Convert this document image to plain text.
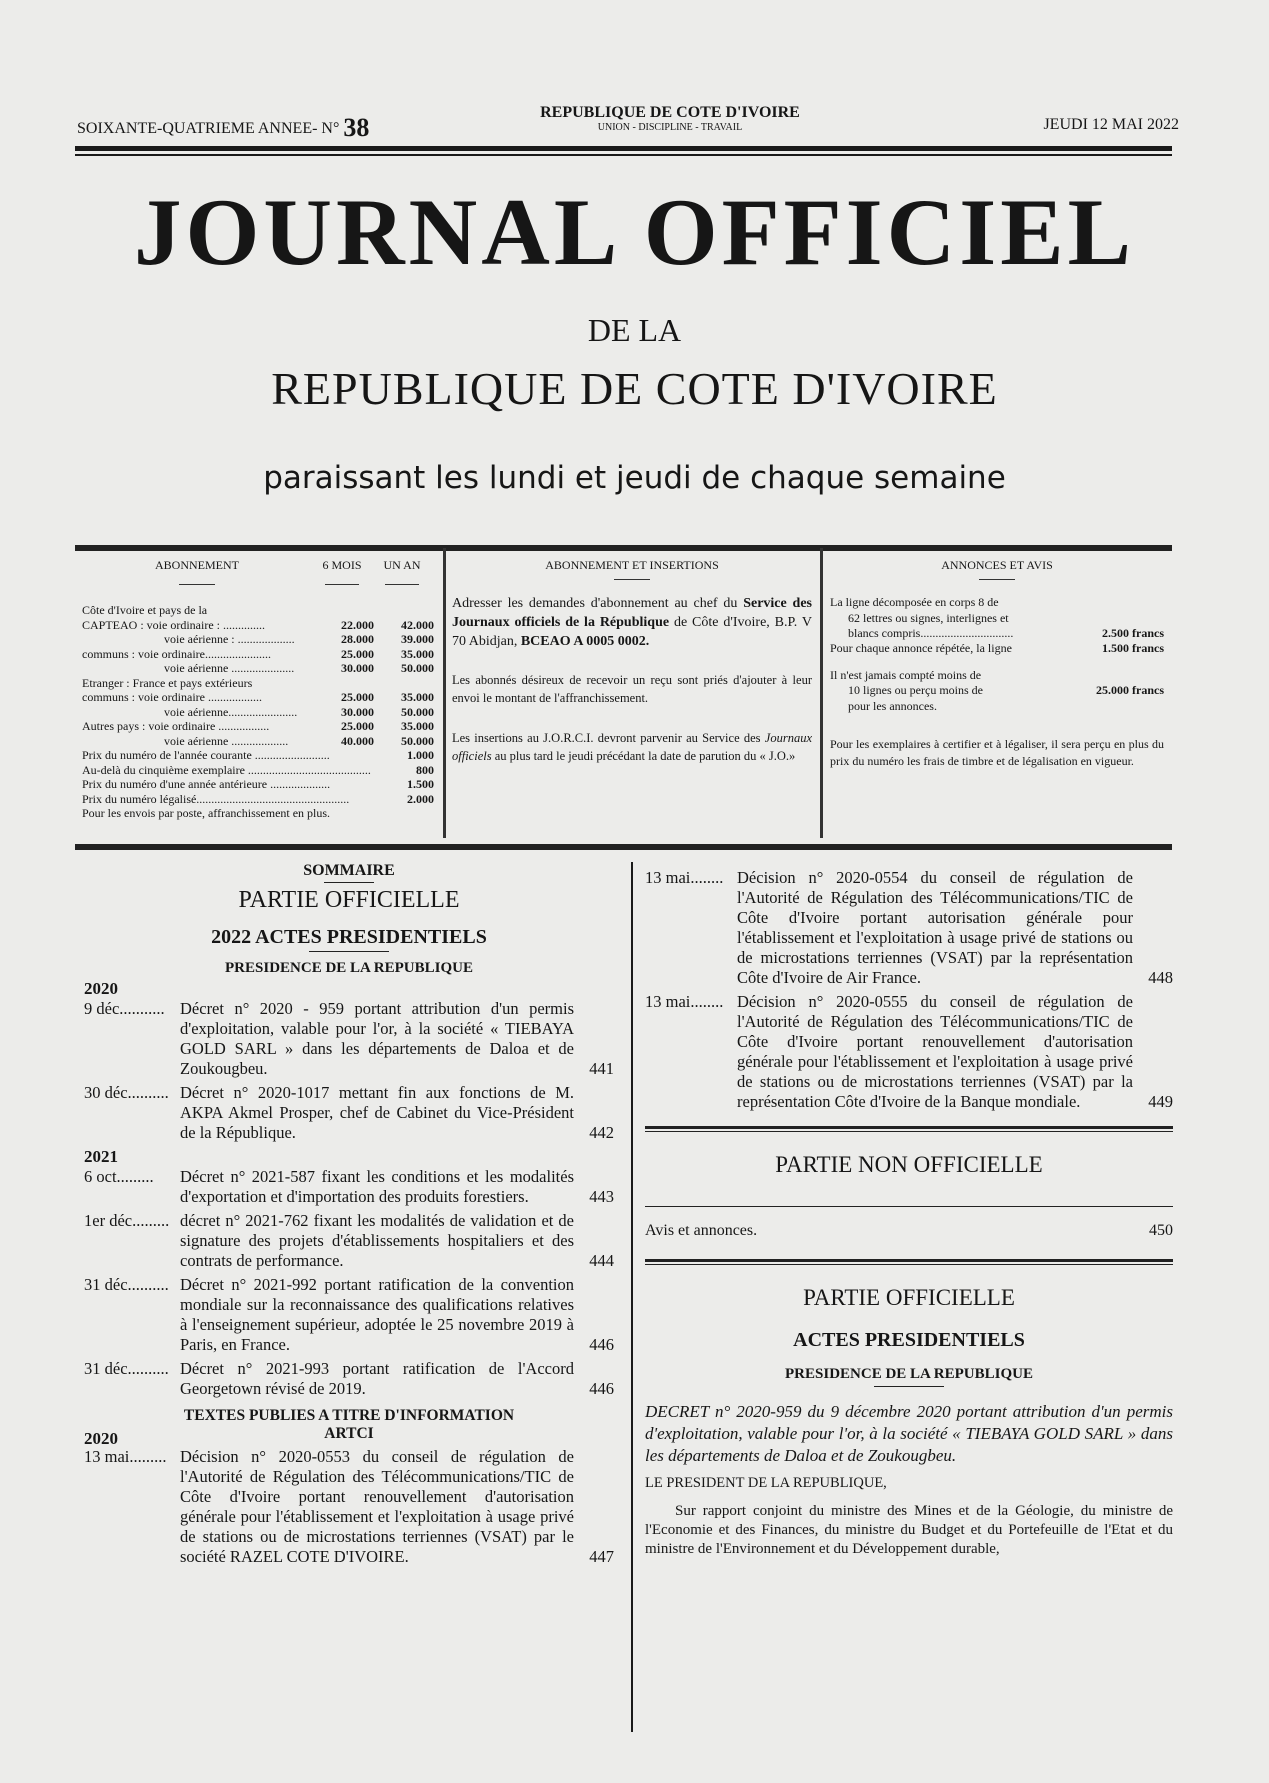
SOIXANTE-QUATRIEME ANNEE- N° 38
REPUBLIQUE DE COTE D'IVOIRE
UNION - DISCIPLINE - TRAVAIL	JEUDI 12 MAI 2022
JOURNAL OFFICIEL
DE LA
REPUBLIQUE DE COTE D'IVOIRE
paraissant les lundi et jeudi de chaque semaine
ABONNEMENT	6 MOIS	UN AN
Côte d'Ivoire et pays de la
CAPTEAO : voie ordinaire : ..............	22.000	42.000
voie aérienne : ...................	28.000	39.000
communs : voie ordinaire......................	25.000	35.000
voie aérienne .....................	30.000	50.000
Etranger : France et pays extérieurs
communs : voie ordinaire ..................	25.000	35.000
voie aérienne.......................	30.000	50.000
Autres pays : voie ordinaire .................	25.000	35.000
voie aérienne ...................	40.000	50.000
Prix du numéro de l'année courante .........................	1.000
Au-delà du cinquième exemplaire .........................................	800
Prix du numéro d'une année antérieure ....................	1.500
Prix du numéro légalisé...................................................	2.000
Pour les envois par poste, affranchissement en plus.
ABONNEMENT ET INSERTIONS
Adresser les demandes d'abonnement au chef du Service des Journaux officiels de la République de Côte d'Ivoire, B.P. V 70 Abidjan, BCEAO A 0005 0002.
Les abonnés désireux de recevoir un reçu sont priés d'ajouter à leur envoi le montant de l'affranchissement.
Les insertions au J.O.R.C.I. devront parvenir au Service des Journaux officiels au plus tard le jeudi précédant la date de parution du « J.O.»
ANNONCES ET AVIS
La ligne décomposée en corps 8 de
62 lettres ou signes, interlignes et
blancs compris...............................	2.500 francs
Pour chaque annonce répétée, la ligne	1.500 francs
Il n'est jamais compté moins de
10 lignes ou perçu moins de	25.000 francs
pour les annonces.
Pour les exemplaires à certifier et à légaliser, il sera perçu en plus du prix du numéro les frais de timbre et de légalisation en vigueur.
SOMMAIRE
PARTIE OFFICIELLE
2022 ACTES PRESIDENTIELS
PRESIDENCE DE LA REPUBLIQUE
2020
9 déc........... Décret n° 2020 - 959 portant attribution d'un permis d'exploitation, valable pour l'or, à la société « TIEBAYA GOLD SARL » dans les départements de Daloa et de Zoukougbeu.	441
30 déc.......... Décret n° 2020-1017 mettant fin aux fonctions de M. AKPA Akmel Prosper, chef de Cabinet du Vice-Président de la République.	442
2021
6 oct.........	Décret n° 2021-587 fixant les conditions et les modalités d'exportation et d'importation des produits forestiers.	443
1er déc......... décret n° 2021-762 fixant les modalités de validation et de signature des projets d'établissements hospitaliers et des contrats de performance.	444
31 déc.......... Décret n° 2021-992 portant ratification de la convention mondiale sur la reconnaissance des qualifications relatives à l'enseignement supérieur, adoptée le 25 novembre 2019 à Paris, en France.	446
31 déc.......... Décret n° 2021-993 portant ratification de l'Accord Georgetown révisé de 2019.	446
TEXTES PUBLIES A TITRE D'INFORMATION
2020	ARTCI
13 mai......... Décision n° 2020-0553 du conseil de régulation de l'Autorité de Régulation des Télécommunications/TIC de Côte d'Ivoire portant renouvellement d'autorisation générale pour l'établissement et l'exploitation à usage privé de stations ou de microstations terriennes (VSAT) par le société RAZEL COTE D'IVOIRE.	447
13 mai........ Décision n° 2020-0554 du conseil de régulation de l'Autorité de Régulation des Télécommunications/TIC de Côte d'Ivoire portant autorisation générale pour l'établissement et l'exploitation à usage privé de stations ou de microstations terriennes (VSAT) par la représentation Côte d'Ivoire de Air France.	448
13 mai........ Décision n° 2020-0555 du conseil de régulation de l'Autorité de Régulation des Télécommunications/TIC de Côte d'Ivoire portant renouvellement d'autorisation générale pour l'établissement et l'exploitation à usage privé de stations ou de microstations terriennes (VSAT) par la représentation Côte d'Ivoire de la Banque mondiale.	449
PARTIE NON OFFICIELLE
Avis et annonces.	450
PARTIE OFFICIELLE
ACTES PRESIDENTIELS
PRESIDENCE DE LA REPUBLIQUE
DECRET n° 2020-959 du 9 décembre 2020 portant attribution d'un permis d'exploitation, valable pour l'or, à la société « TIEBAYA GOLD SARL » dans les départements de Daloa et de Zoukougbeu.
LE PRESIDENT DE LA REPUBLIQUE,
Sur rapport conjoint du ministre des Mines et de la Géologie, du ministre de l'Economie et des Finances, du ministre du Budget et du Portefeuille de l'Etat et du ministre de l'Environnement et du Développement durable,
